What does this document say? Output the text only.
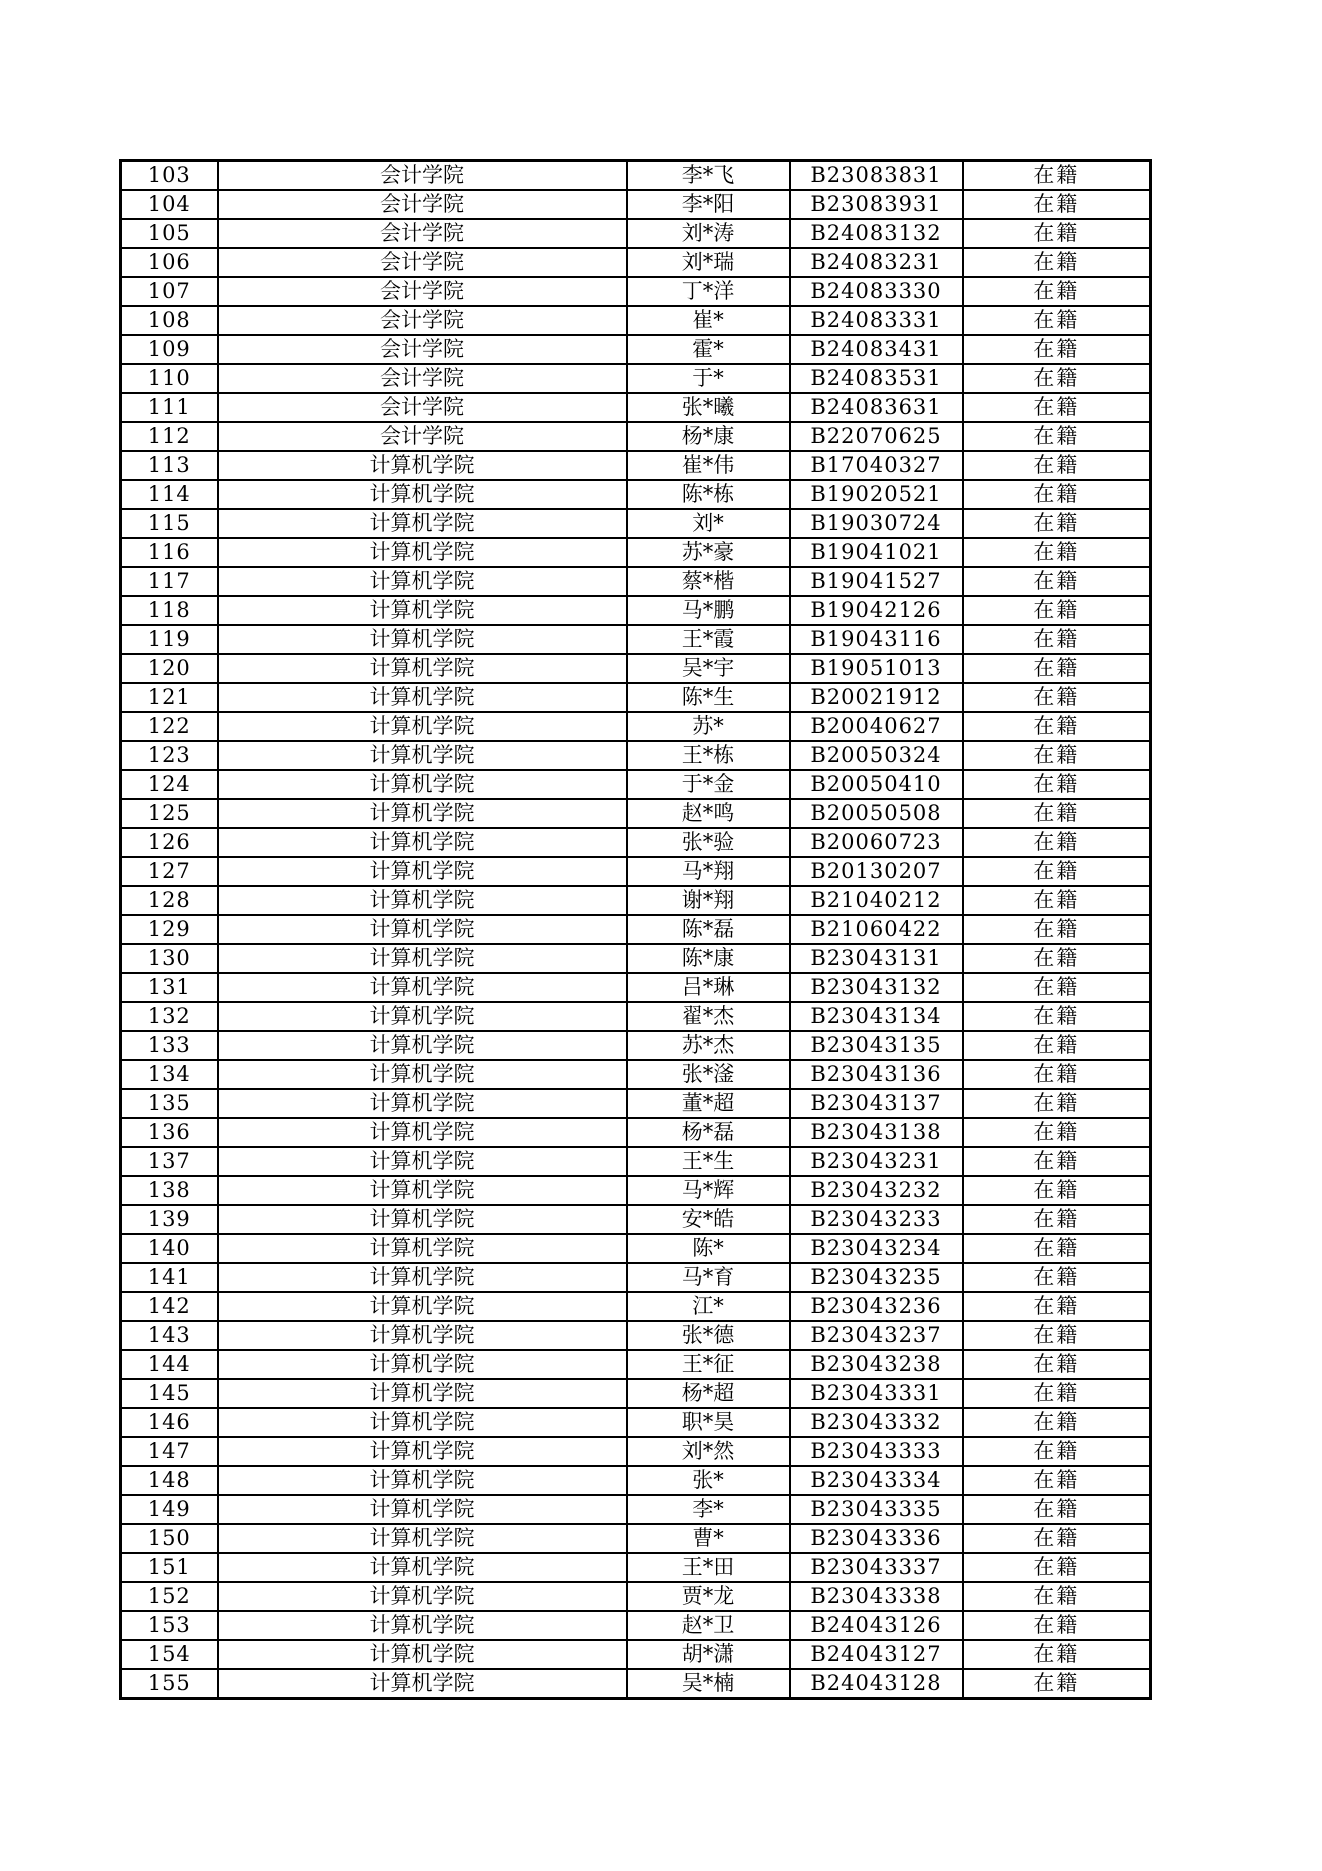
103	会计学院	李*飞	B23083831	在籍
104	会计学院	李*阳	B23083931	在籍
105	会计学院	刘*涛	B24083132	在籍
106	会计学院	刘*瑞	B24083231	在籍
107	会计学院	丁*洋	B24083330	在籍
108	会计学院	崔*	B24083331	在籍
109	会计学院	霍*	B24083431	在籍
110	会计学院	于*	B24083531	在籍
111	会计学院	张*曦	B24083631	在籍
112	会计学院	杨*康	B22070625	在籍
113	计算机学院	崔*伟	B17040327	在籍
114	计算机学院	陈*栋	B19020521	在籍
115	计算机学院	刘*	B19030724	在籍
116	计算机学院	苏*豪	B19041021	在籍
117	计算机学院	蔡*楷	B19041527	在籍
118	计算机学院	马*鹏	B19042126	在籍
119	计算机学院	王*霞	B19043116	在籍
120	计算机学院	吴*宇	B19051013	在籍
121	计算机学院	陈*生	B20021912	在籍
122	计算机学院	苏*	B20040627	在籍
123	计算机学院	王*栋	B20050324	在籍
124	计算机学院	于*金	B20050410	在籍
125	计算机学院	赵*鸣	B20050508	在籍
126	计算机学院	张*验	B20060723	在籍
127	计算机学院	马*翔	B20130207	在籍
128	计算机学院	谢*翔	B21040212	在籍
129	计算机学院	陈*磊	B21060422	在籍
130	计算机学院	陈*康	B23043131	在籍
131	计算机学院	吕*琳	B23043132	在籍
132	计算机学院	翟*杰	B23043134	在籍
133	计算机学院	苏*杰	B23043135	在籍
134	计算机学院	张*滏	B23043136	在籍
135	计算机学院	董*超	B23043137	在籍
136	计算机学院	杨*磊	B23043138	在籍
137	计算机学院	王*生	B23043231	在籍
138	计算机学院	马*辉	B23043232	在籍
139	计算机学院	安*皓	B23043233	在籍
140	计算机学院	陈*	B23043234	在籍
141	计算机学院	马*育	B23043235	在籍
142	计算机学院	江*	B23043236	在籍
143	计算机学院	张*德	B23043237	在籍
144	计算机学院	王*征	B23043238	在籍
145	计算机学院	杨*超	B23043331	在籍
146	计算机学院	职*昊	B23043332	在籍
147	计算机学院	刘*然	B23043333	在籍
148	计算机学院	张*	B23043334	在籍
149	计算机学院	李*	B23043335	在籍
150	计算机学院	曹*	B23043336	在籍
151	计算机学院	王*田	B23043337	在籍
152	计算机学院	贾*龙	B23043338	在籍
153	计算机学院	赵*卫	B24043126	在籍
154	计算机学院	胡*潇	B24043127	在籍
155	计算机学院	吴*楠	B24043128	在籍
